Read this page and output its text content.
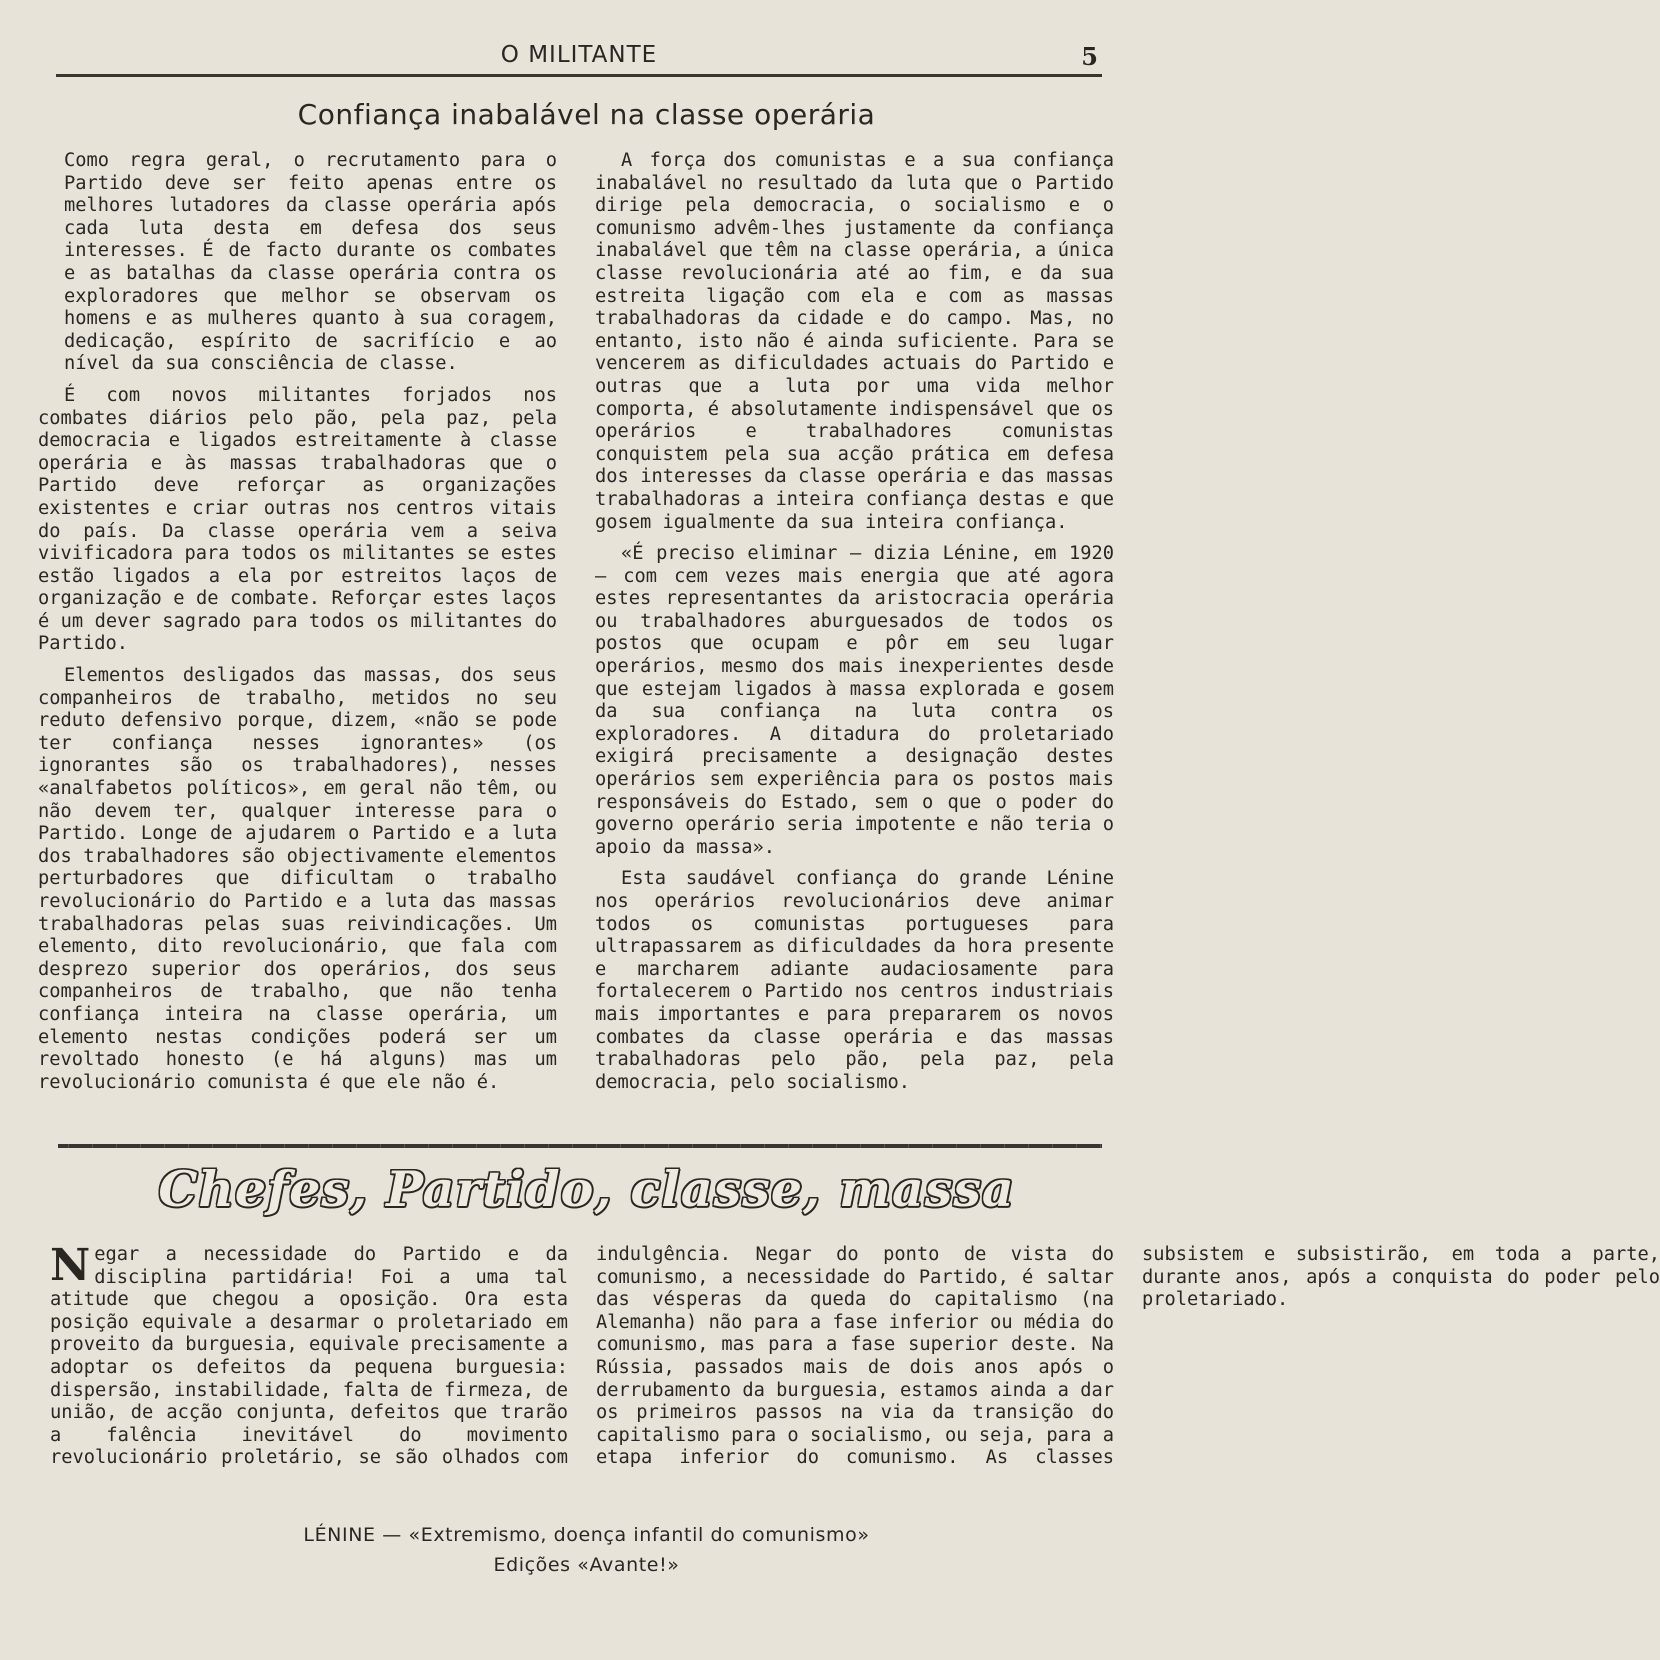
O MILITANTE	5
Confiança inabalável na classe operária

Como regra geral, o recrutamento para o Partido deve ser feito apenas entre os melhores lutadores da classe operária após cada luta desta em defesa dos seus interesses. É de facto durante os combates e as batalhas da classe operária contra os exploradores que melhor se observam os homens e as mulheres quanto à sua coragem, dedicação, espírito de sacrifício e ao nível da sua consciência de classe.

É com novos militantes forjados nos combates diários pelo pão, pela paz, pela democracia e ligados estreitamente à classe operária e às massas trabalhadoras que o Partido deve reforçar as organizações existentes e criar outras nos centros vitais do país. Da classe operária vem a seiva vivificadora para todos os militantes se estes estão ligados a ela por estreitos laços de organização e de combate. Reforçar estes laços é um dever sagrado para todos os militantes do Partido.

Elementos desligados das massas, dos seus companheiros de trabalho, metidos no seu reduto defensivo porque, dizem, «não se pode ter confiança nesses ignorantes» (os ignorantes são os trabalhadores), nesses «analfabetos políticos», em geral não têm, ou não devem ter, qualquer interesse para o Partido. Longe de ajudarem o Partido e a luta dos trabalhadores são objectivamente elementos perturbadores que dificultam o trabalho revolucionário do Partido e a luta das massas trabalhadoras pelas suas reivindicações. Um elemento, dito revolucionário, que fala com desprezo superior dos operários, dos seus companheiros de trabalho, que não tenha confiança inteira na classe operária, um elemento nestas condições poderá ser um revoltado honesto (e há alguns) mas um revolucionário comunista é que ele não é.

A força dos comunistas e a sua confiança inabalável no resultado da luta que o Partido dirige pela democracia, o socialismo e o comunismo advêm-lhes justamente da confiança inabalável que têm na classe operária, a única classe revolucionária até ao fim, e da sua estreita ligação com ela e com as massas trabalhadoras da cidade e do campo. Mas, no entanto, isto não é ainda suficiente. Para se vencerem as dificuldades actuais do Partido e outras que a luta por uma vida melhor comporta, é absolutamente indispensável que os operários e trabalhadores comunistas conquistem pela sua acção prática em defesa dos interesses da classe operária e das massas trabalhadoras a inteira confiança destas e que gosem igualmente da sua inteira confiança.

«É preciso eliminar — dizia Lénine, em 1920 — com cem vezes mais energia que até agora estes representantes da aristocracia operária ou trabalhadores aburguesados de todos os postos que ocupam e pôr em seu lugar operários, mesmo dos mais inexperientes desde que estejam ligados à massa explorada e gosem da sua confiança na luta contra os exploradores. A ditadura do proletariado exigirá precisamente a designação destes operários sem experiência para os postos mais responsáveis do Estado, sem o que o poder do governo operário seria impotente e não teria o apoio da massa».

Esta saudável confiança do grande Lénine nos operários revolucionários deve animar todos os comunistas portugueses para ultrapassarem as dificuldades da hora presente e marcharem adiante audaciosamente para fortalecerem o Partido nos centros industriais mais importantes e para prepararem os novos combates da classe operária e das massas trabalhadoras pelo pão, pela paz, pela democracia, pelo socialismo.

Chefes, Partido, classe, massa

Negar a necessidade do Partido e da disciplina partidária! Foi a uma tal atitude que chegou a oposição. Ora esta posição equivale a desarmar o proletariado em proveito da burguesia, equivale precisamente a adoptar os defeitos da pequena burguesia: dispersão, instabilidade, falta de firmeza, de união, de acção conjunta, defeitos que trarão a falência inevitável do movimento revolucionário proletário, se são olhados com indulgência. Negar do ponto de vista do comunismo, a necessidade do Partido, é saltar das vésperas da queda do capitalismo (na Alemanha) não para a fase inferior ou média do comunismo, mas para a fase superior deste. Na Rússia, passados mais de dois anos após o derrubamento da burguesia, estamos ainda a dar os primeiros passos na via da transição do capitalismo para o socialismo, ou seja, para a etapa inferior do comunismo. As classes subsistem e subsistirão, em toda a parte, durante anos, após a conquista do poder pelo proletariado.

LÉNINE — «Extremismo, doença infantil do comunismo»
Edições «Avante!»
